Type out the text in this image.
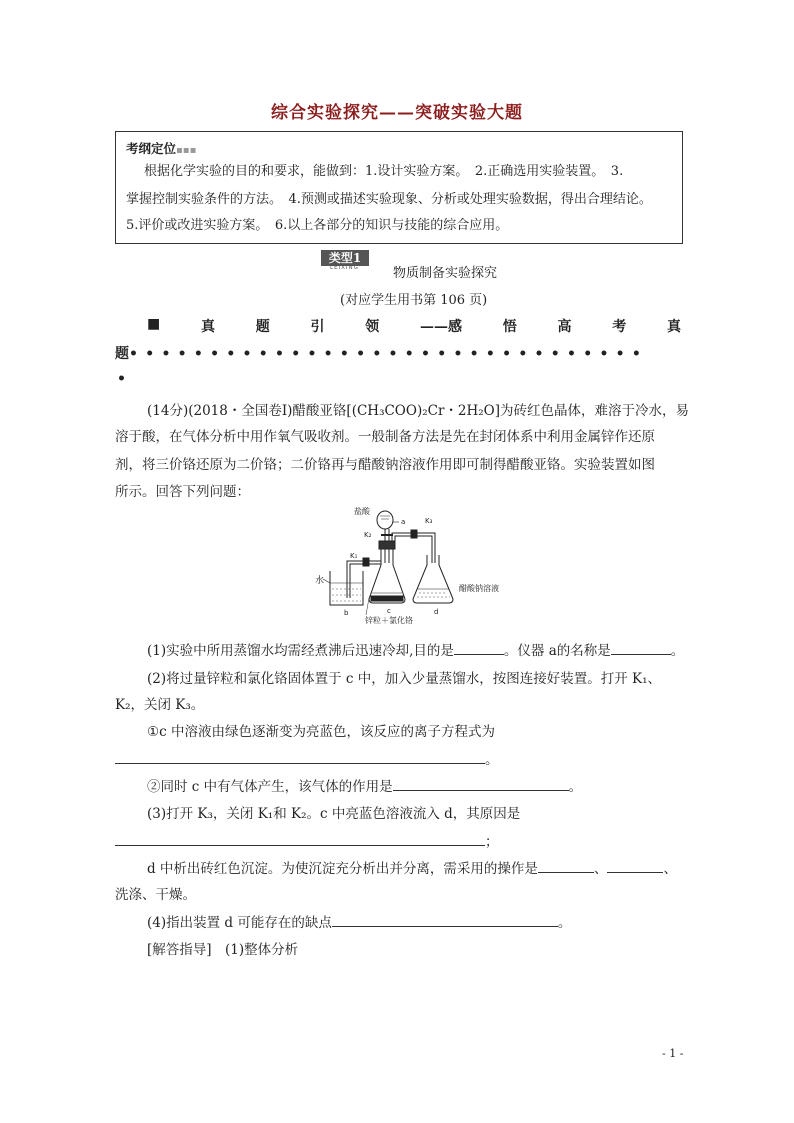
综合实验探究——突破实验大题
考纲定位▪▪▪
根据化学实验的目的和要求，能做到：1.设计实验方案。　2.正确选用实验装置。　3.
掌握控制实验条件的方法。　4.预测或描述实验现象、分析或处理实验数据，得出合理结论。
5.评价或改进实验方案。　6.以上各部分的知识与技能的综合应用。
类型1
LEIXING	物质制备实验探究
(对应学生用书第 106 页)
■	真	题	引	领	——感	悟	高	考	真
题• • • • • • • • • • • • • • • • • • • • • • • • • • • • • • • •
•
(14分)(2018・全国卷Ⅰ)醋酸亚铬[(CH₃COO)₂Cr・2H₂O]为砖红色晶体，难溶于冷水，易
溶于酸，在气体分析中用作氧气吸收剂。一般制备方法是先在封闭体系中利用金属锌作还原
剂，将三价铬还原为二价铬；二价铬再与醋酸钠溶液作用即可制得醋酸亚铬。实验装置如图
所示。回答下列问题：
盐酸
a	K₃
K₂
K₁
水
b	c	d
醋酸钠溶液
锌粒＋氯化铬
(1)实验中所用蒸馏水均需经煮沸后迅速冷却,目的是	。仪器 a的名称是	。
(2)将过量锌粒和氯化铬固体置于 c 中，加入少量蒸馏水，按图连接好装置。打开 K₁、
K₂，关闭 K₃。
①c 中溶液由绿色逐渐变为亮蓝色，该反应的离子方程式为
。
②同时 c 中有气体产生，该气体的作用是	。
(3)打开 K₃，关闭 K₁和 K₂。c 中亮蓝色溶液流入 d，其原因是
；
d 中析出砖红色沉淀。为使沉淀充分析出并分离，需采用的操作是	、	、
洗涤、干燥。
(4)指出装置 d 可能存在的缺点	。
[解答指导]　(1)整体分析
- 1 -
